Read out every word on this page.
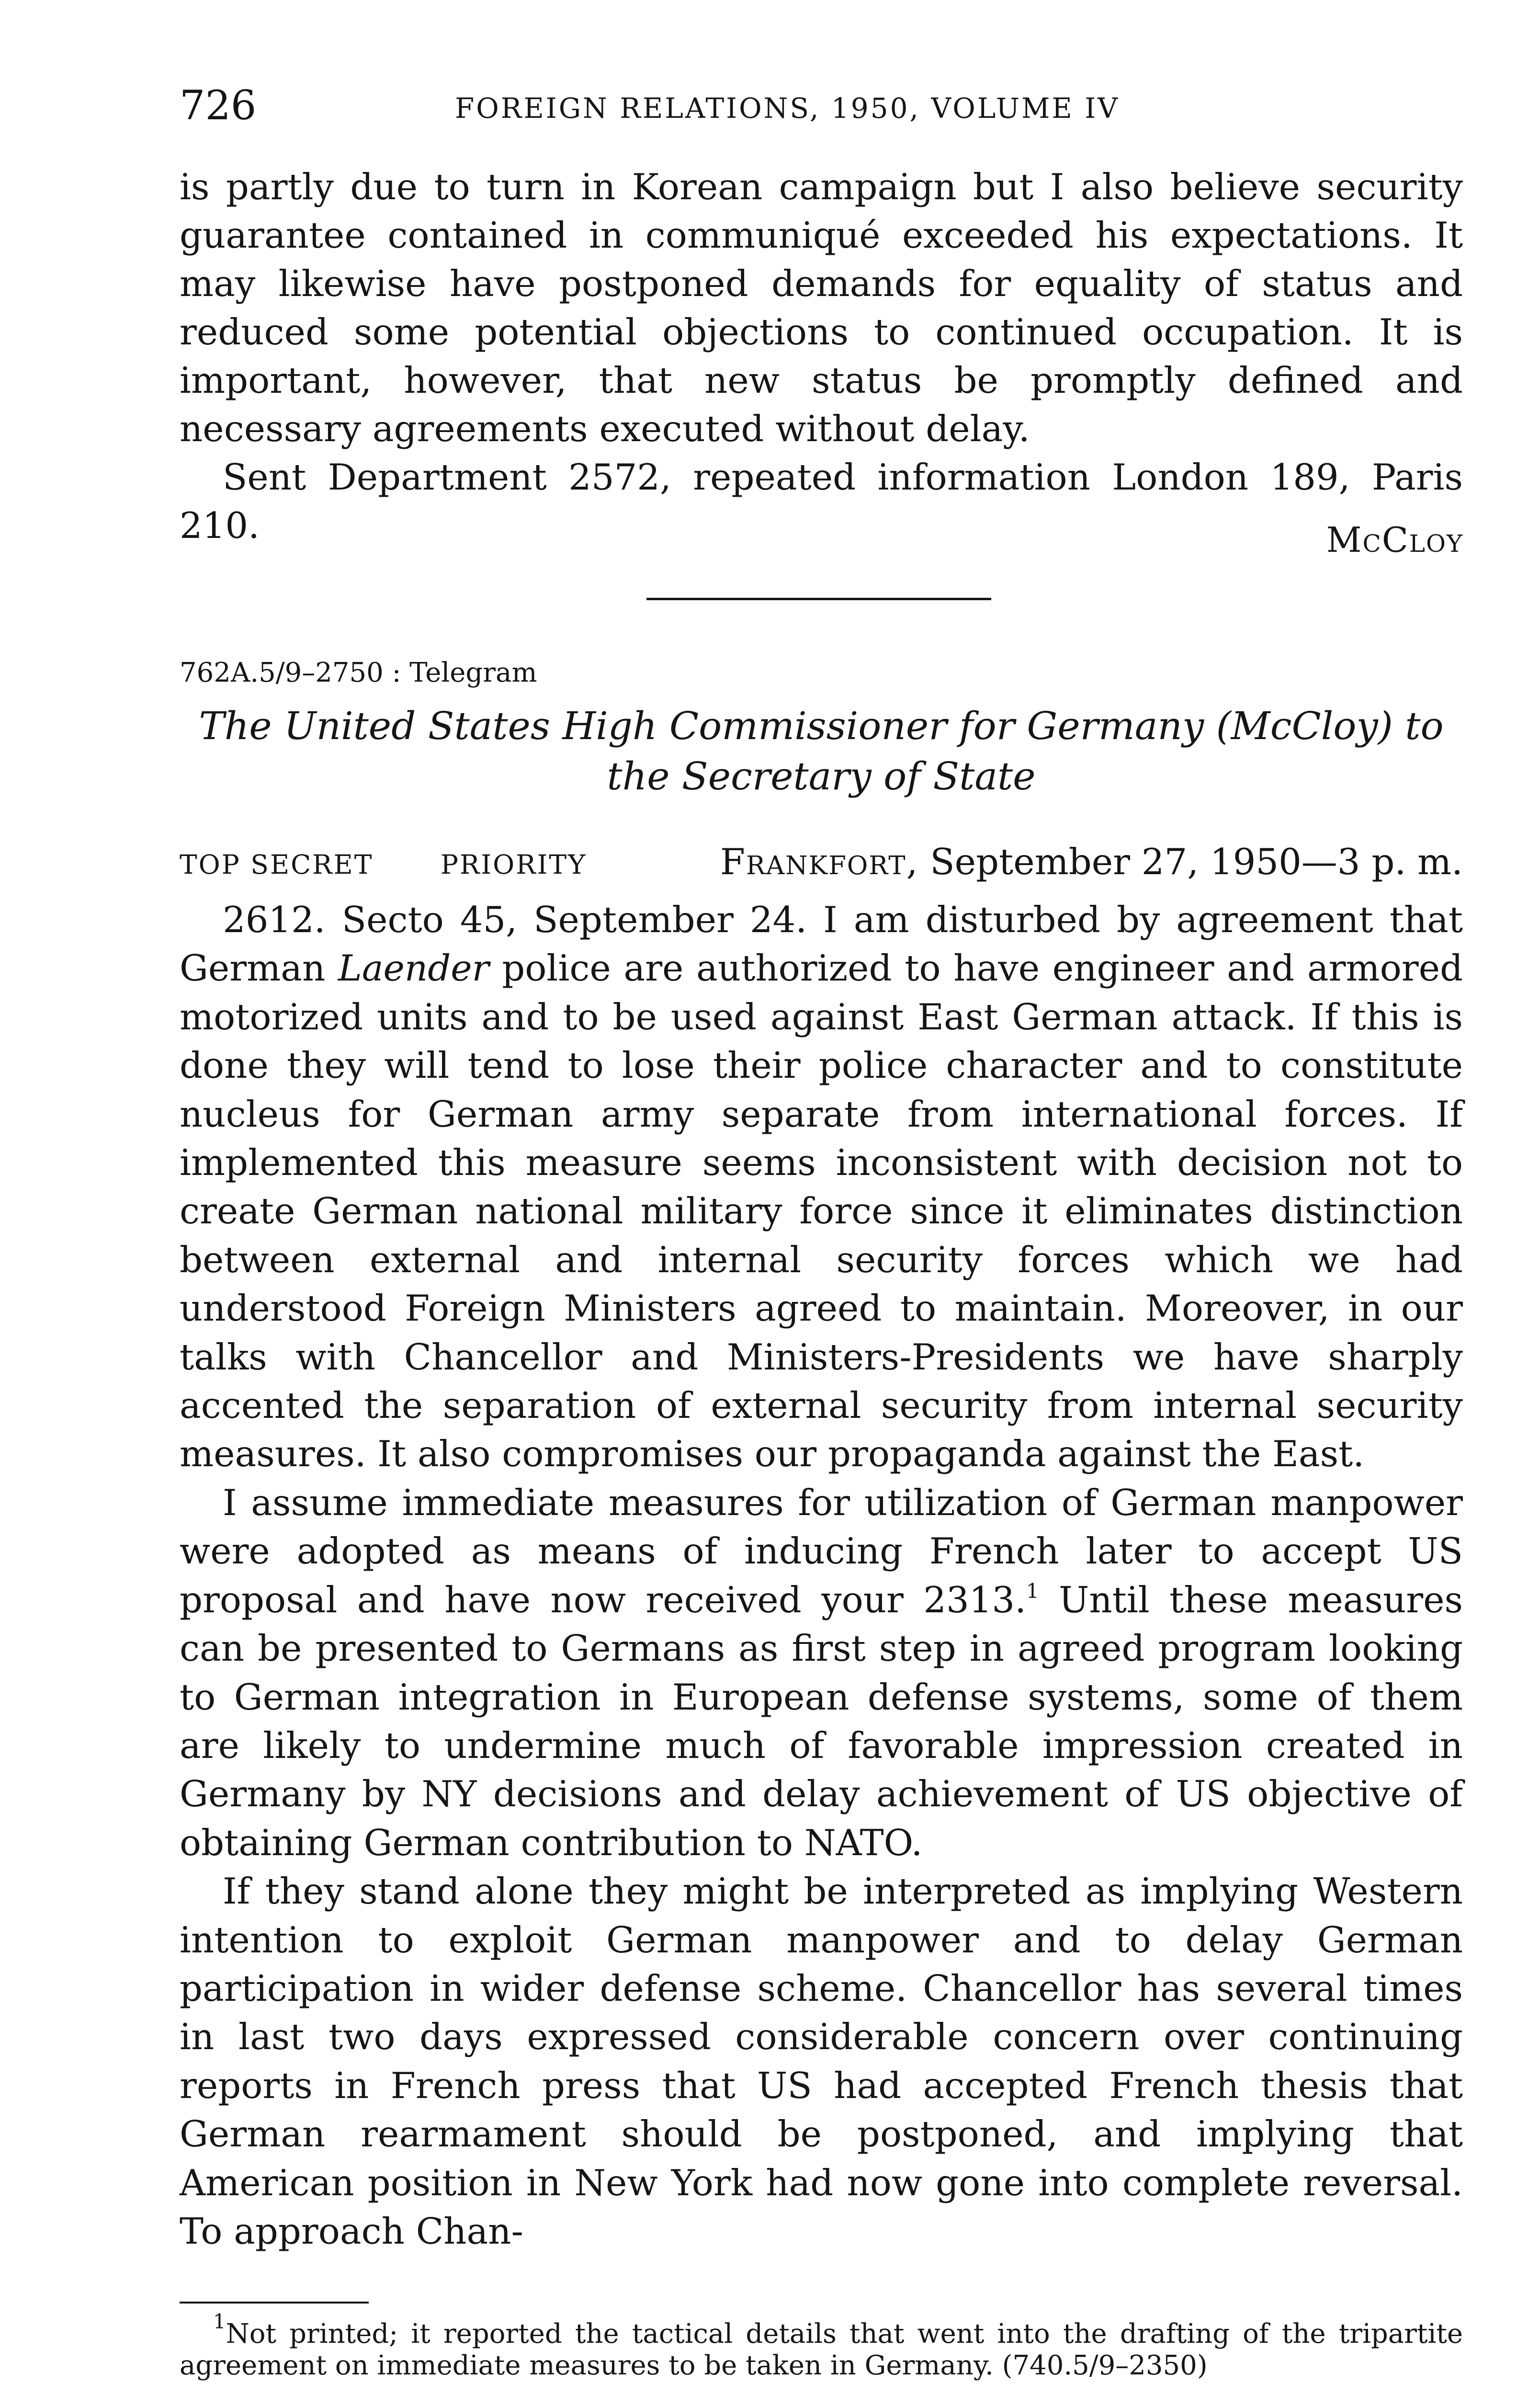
726	FOREIGN RELATIONS, 1950, VOLUME IV

is partly due to turn in Korean campaign but I also believe security guarantee contained in communiqué exceeded his expectations. It may likewise have postponed demands for equality of status and reduced some potential objections to continued occupation. It is important, however, that new status be promptly defined and necessary agreements executed without delay.

Sent Department 2572, repeated information London 189, Paris 210.	McCloy
762A.5/9–2750 : Telegram
The United States High Commissioner for Germany (McCloy) to the Secretary of State
TOP SECRET	PRIORITY	Frankfort, September 27, 1950—3 p. m.

2612. Secto 45, September 24. I am disturbed by agreement that German Laender police are authorized to have engineer and armored motorized units and to be used against East German attack. If this is done they will tend to lose their police character and to constitute nucleus for German army separate from international forces. If implemented this measure seems inconsistent with decision not to create German national military force since it eliminates distinction between external and internal security forces which we had understood Foreign Ministers agreed to maintain. Moreover, in our talks with Chancellor and Ministers-Presidents we have sharply accented the separation of external security from internal security measures. It also compromises our propaganda against the East.

I assume immediate measures for utilization of German manpower were adopted as means of inducing French later to accept US proposal and have now received your 2313.$^1$ Until these measures can be presented to Germans as first step in agreed program looking to German integration in European defense systems, some of them are likely to undermine much of favorable impression created in Germany by NY decisions and delay achievement of US objective of obtaining German contribution to NATO.

If they stand alone they might be interpreted as implying Western intention to exploit German manpower and to delay German participation in wider defense scheme. Chancellor has several times in last two days expressed considerable concern over continuing reports in French press that US had accepted French thesis that German rearmament should be postponed, and implying that American position in New York had now gone into complete reversal. To approach Chan-

$^1$Not printed; it reported the tactical details that went into the drafting of the tripartite agreement on immediate measures to be taken in Germany. (740.5/9–2350)
